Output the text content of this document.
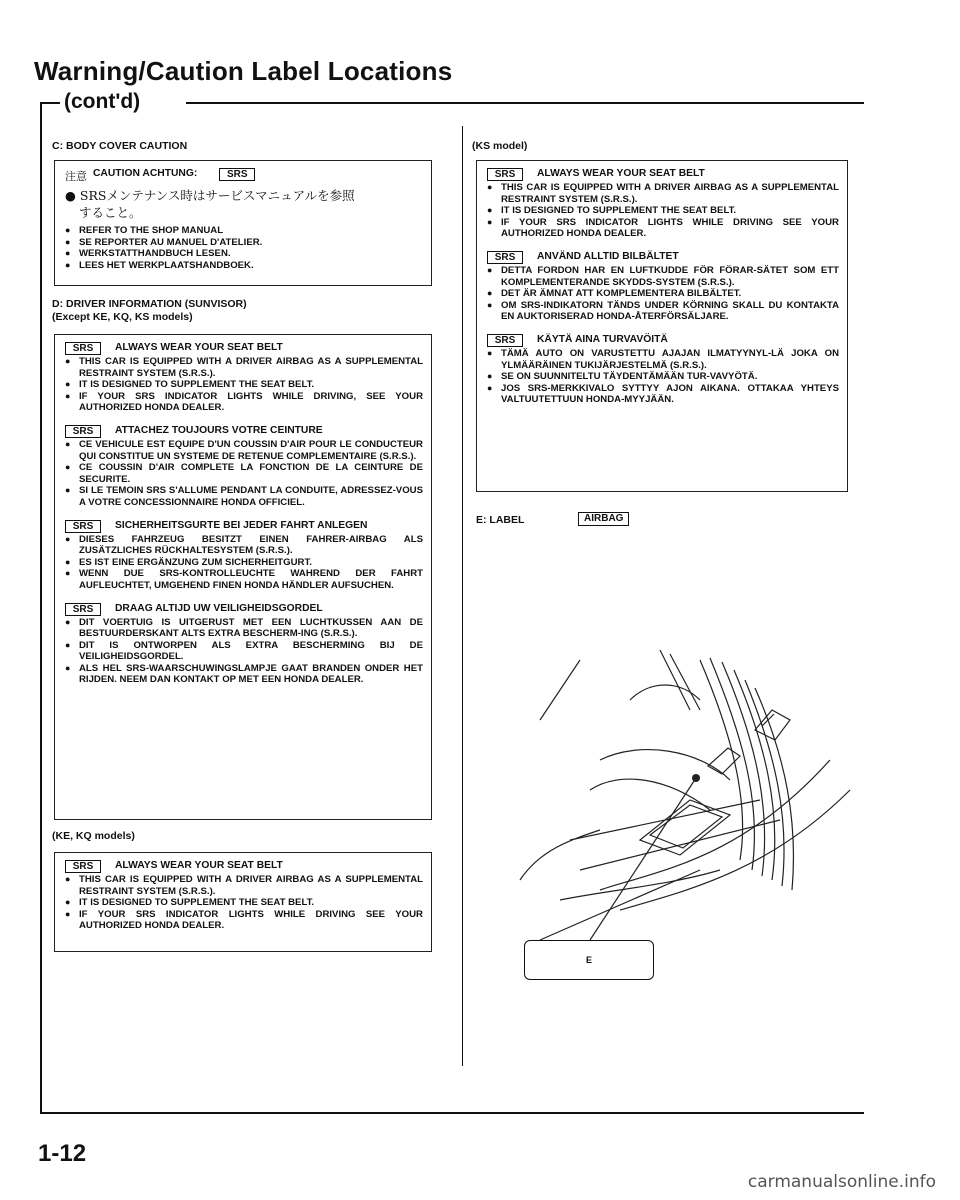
Warning/Caution Label Locations
(cont'd)
C: BODY COVER CAUTION
注意 CAUTION ACHTUNG:	SRS
● SRSメンテナンス時はサービスマニュアルを参照
すること。
● REFER TO THE SHOP MANUAL
● SE REPORTER AU MANUEL D'ATELIER.
● WERKSTATTHANDBUCH LESEN.
● LEES HET WERKPLAATSHANDBOEK.
D: DRIVER INFORMATION (SUNVISOR)
(Except KE, KQ, KS models)
SRS	ALWAYS WEAR YOUR SEAT BELT
● THIS CAR IS EQUIPPED WITH A DRIVER AIRBAG AS A SUPPLEMENTAL RESTRAINT SYSTEM (S.R.S.).
● IT IS DESIGNED TO SUPPLEMENT THE SEAT BELT.
● IF YOUR SRS INDICATOR LIGHTS WHILE DRIVING, SEE YOUR AUTHORIZED HONDA DEALER.
SRS	ATTACHEZ TOUJOURS VOTRE CEINTURE
● CE VEHICULE EST EQUIPE D'UN COUSSIN D'AIR POUR LE CONDUCTEUR QUI CONSTITUE UN SYSTEME DE RETENUE COMPLEMENTAIRE (S.R.S.).
● CE COUSSIN D'AIR COMPLETE LA FONCTION DE LA CEINTURE DE SECURITE.
● SI LE TEMOIN SRS S'ALLUME PENDANT LA CONDUITE, ADRESSEZ-VOUS A VOTRE CONCESSIONNAIRE HONDA OFFICIEL.
SRS	SICHERHEITSGURTE BEI JEDER FAHRT ANLEGEN
● DIESES FAHRZEUG BESITZT EINEN FAHRER-AIRBAG ALS ZUSÄTZLICHES RÜCKHALTESYSTEM (S.R.S.).
● ES IST EINE ERGÄNZUNG ZUM SICHERHEITGURT.
● WENN DUE SRS-KONTROLLEUCHTE WAHREND DER FAHRT AUFLEUCHTET, UMGEHEND FINEN HONDA HÄNDLER AUFSUCHEN.
SRS	DRAAG ALTIJD UW VEILIGHEIDSGORDEL
● DIT VOERTUIG IS UITGERUST MET EEN LUCHTKUSSEN AAN DE BESTUURDERSKANT ALTS EXTRA BESCHERM-ING (S.R.S.).
● DIT IS ONTWORPEN ALS EXTRA BESCHERMING BIJ DE VEILIGHEIDSGORDEL.
● ALS HEL SRS-WAARSCHUWINGSLAMPJE GAAT BRANDEN ONDER HET RIJDEN. NEEM DAN KONTAKT OP MET EEN HONDA DEALER.
(KE, KQ models)
SRS	ALWAYS WEAR YOUR SEAT BELT
● THIS CAR IS EQUIPPED WITH A DRIVER AIRBAG AS A SUPPLEMENTAL RESTRAINT SYSTEM (S.R.S.).
● IT IS DESIGNED TO SUPPLEMENT THE SEAT BELT.
● IF YOUR SRS INDICATOR LIGHTS WHILE DRIVING SEE YOUR AUTHORIZED HONDA DEALER.
(KS model)
SRS	ALWAYS WEAR YOUR SEAT BELT
● THIS CAR IS EQUIPPED WITH A DRIVER AIRBAG AS A SUPPLEMENTAL RESTRAINT SYSTEM (S.R.S.).
● IT IS DESIGNED TO SUPPLEMENT THE SEAT BELT.
● IF YOUR SRS INDICATOR LIGHTS WHILE DRIVING SEE YOUR AUTHORIZED HONDA DEALER.
SRS	ANVÄND ALLTID BILBÄLTET
● DETTA FORDON HAR EN LUFTKUDDE FÖR FÖRAR-SÄTET SOM ETT KOMPLEMENTERANDE SKYDDS-SYSTEM (S.R.S.).
● DET ÄR ÄMNAT ATT KOMPLEMENTERA BILBÄLTET.
● OM SRS-INDIKATORN TÄNDS UNDER KÖRNING SKALL DU KONTAKTA EN AUKTORISERAD HONDA-ÅTERFÖRSÄLJARE.
SRS	KÄYTÄ AINA TURVAVÖITÄ
● TÄMÄ AUTO ON VARUSTETTU AJAJAN ILMATYYNYL-LÄ JOKA ON YLMÄÄRÄINEN TUKIJÄRJESTELMÄ (S.R.S.).
● SE ON SUUNNITELTU TÄYDENTÄMÄÄN TUR-VAVYÖTÄ.
● JOS SRS-MERKKIVALO SYTTYY AJON AIKANA. OTTAKAA YHTEYS VALTUUTETTUUN HONDA-MYYJÄÄN.
E: LABEL	AIRBAG
E
1-12
carmanualsonline.info
